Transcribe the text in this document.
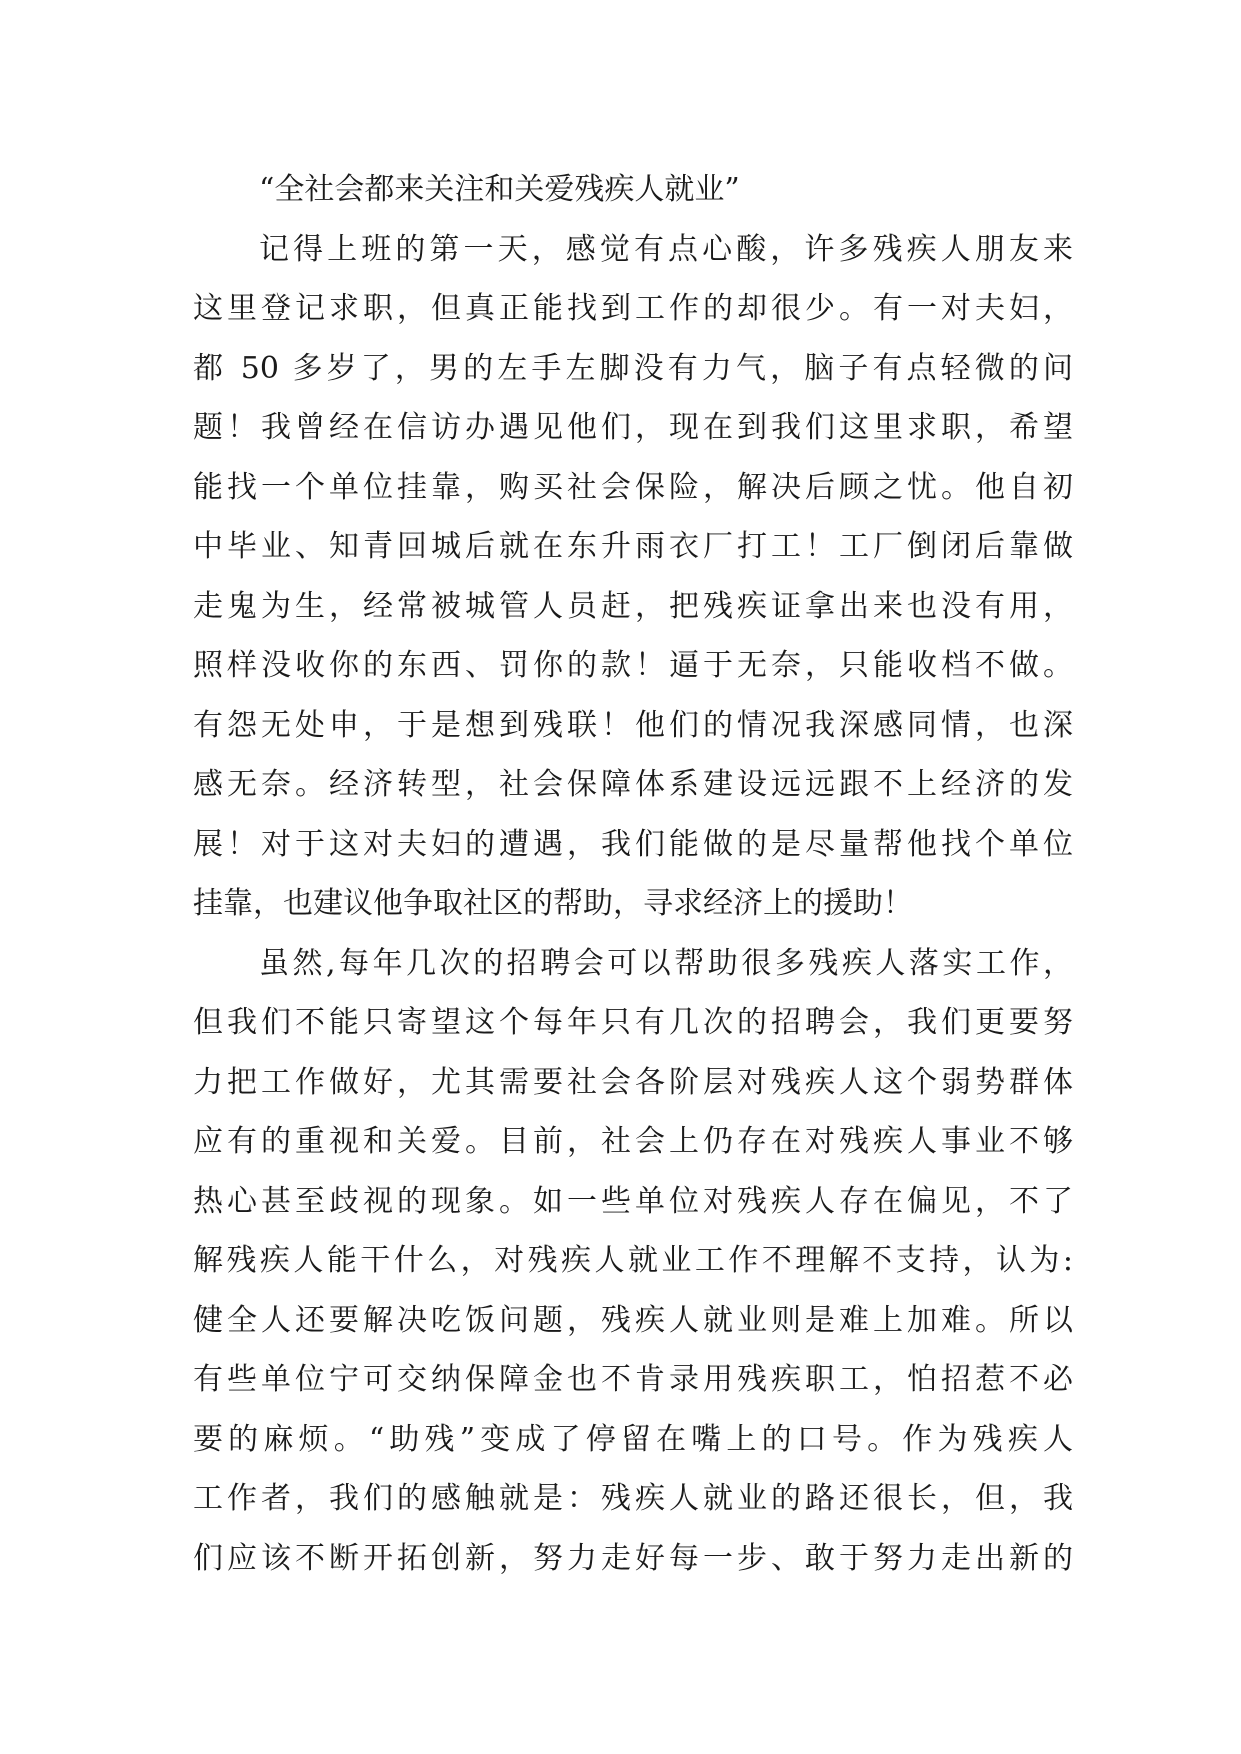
“全社会都来关注和关爱残疾人就业”
记得上班的第一天，感觉有点心酸，许多残疾人朋友来
这里登记求职，但真正能找到工作的却很少。有一对夫妇，
都 50 多岁了，男的左手左脚没有力气，脑子有点轻微的问
题！我曾经在信访办遇见他们，现在到我们这里求职，希望
能找一个单位挂靠，购买社会保险，解决后顾之忧。他自初
中毕业、知青回城后就在东升雨衣厂打工！工厂倒闭后靠做
走鬼为生，经常被城管人员赶，把残疾证拿出来也没有用，
照样没收你的东西、罚你的款！逼于无奈，只能收档不做。
有怨无处申，于是想到残联！他们的情况我深感同情，也深
感无奈。经济转型，社会保障体系建设远远跟不上经济的发
展！对于这对夫妇的遭遇，我们能做的是尽量帮他找个单位
挂靠，也建议他争取社区的帮助，寻求经济上的援助！
虽然,每年几次的招聘会可以帮助很多残疾人落实工作，
但我们不能只寄望这个每年只有几次的招聘会，我们更要努
力把工作做好，尤其需要社会各阶层对残疾人这个弱势群体
应有的重视和关爱。目前，社会上仍存在对残疾人事业不够
热心甚至歧视的现象。如一些单位对残疾人存在偏见，不了
解残疾人能干什么，对残疾人就业工作不理解不支持，认为:
健全人还要解决吃饭问题，残疾人就业则是难上加难。所以
有些单位宁可交纳保障金也不肯录用残疾职工，怕招惹不必
要的麻烦。“助残”变成了停留在嘴上的口号。作为残疾人
工作者，我们的感触就是：残疾人就业的路还很长，但，我
们应该不断开拓创新，努力走好每一步、敢于努力走出新的
